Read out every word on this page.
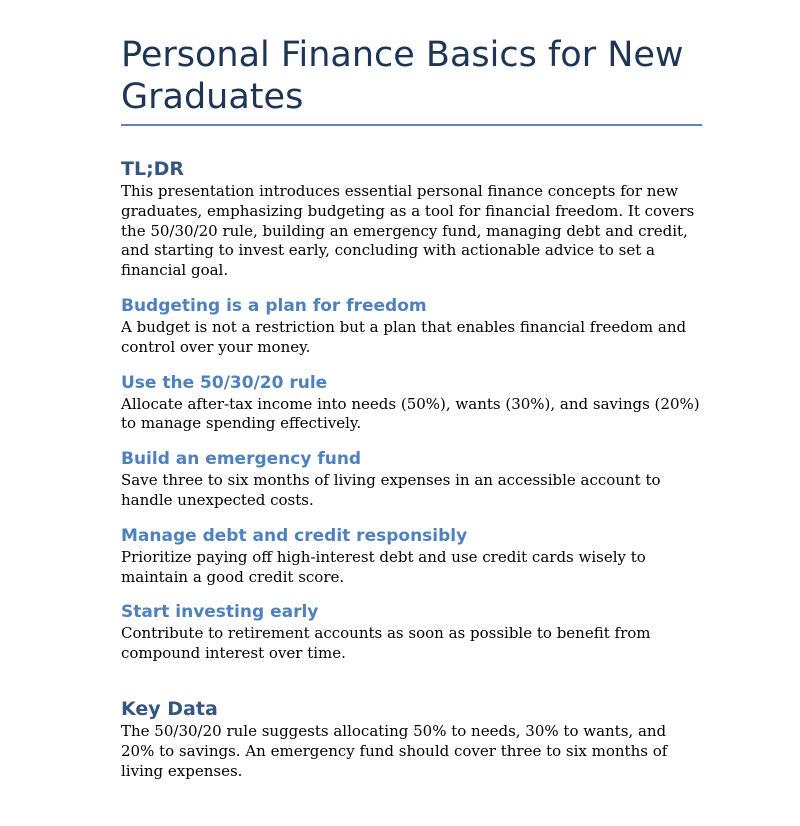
Personal Finance Basics for New Graduates
TL;DR

This presentation introduces essential personal finance concepts for new graduates, emphasizing budgeting as a tool for financial freedom. It covers the 50/30/20 rule, building an emergency fund, managing debt and credit, and starting to invest early, concluding with actionable advice to set a financial goal.

Budgeting is a plan for freedom

A budget is not a restriction but a plan that enables financial freedom and control over your money.

Use the 50/30/20 rule

Allocate after-tax income into needs (50%), wants (30%), and savings (20%) to manage spending effectively.

Build an emergency fund

Save three to six months of living expenses in an accessible account to handle unexpected costs.

Manage debt and credit responsibly

Prioritize paying off high-interest debt and use credit cards wisely to maintain a good credit score.

Start investing early

Contribute to retirement accounts as soon as possible to benefit from compound interest over time.

Key Data

The 50/30/20 rule suggests allocating 50% to needs, 30% to wants, and 20% to savings. An emergency fund should cover three to six months of living expenses.
